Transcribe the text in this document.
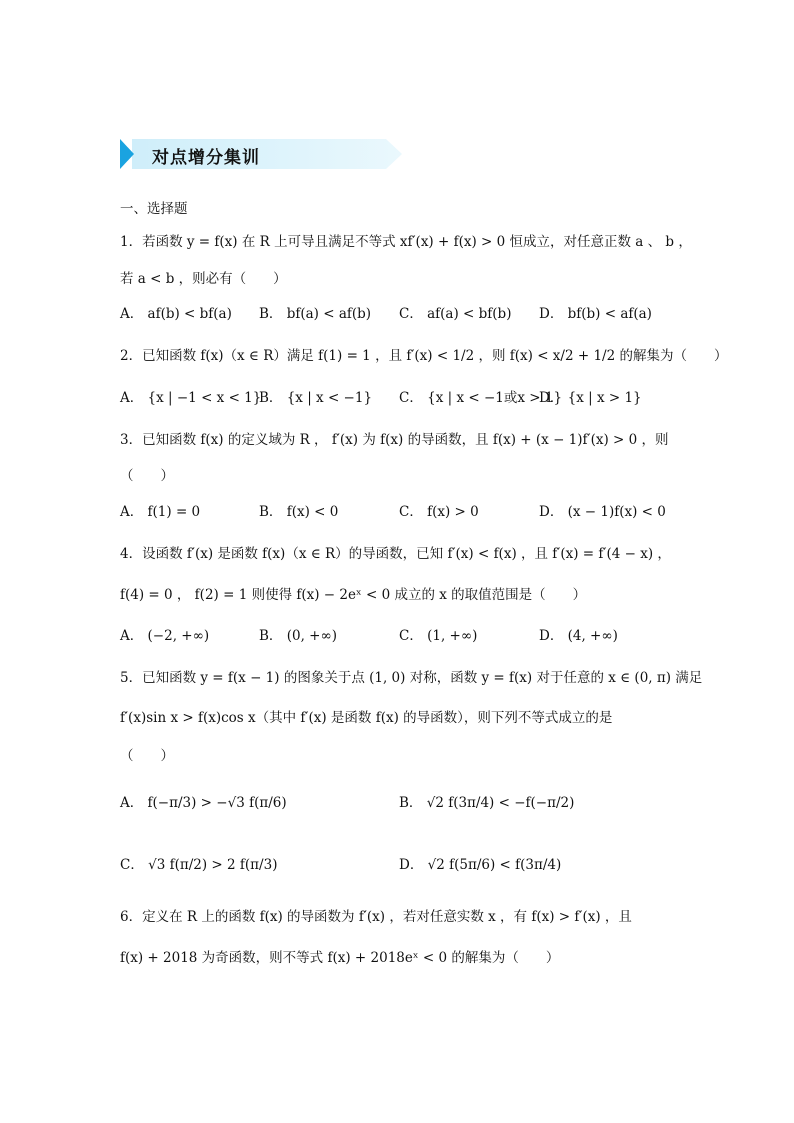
对点增分集训
一、选择题
1．若函数 y = f(x) 在 R 上可导且满足不等式 xf′(x) + f(x) > 0 恒成立，对任意正数 a 、 b ，
若 a < b ，则必有（　　）
A． af(b) < bf(a) B． bf(a) < af(b) C． af(a) < bf(b) D． bf(b) < af(a)
2．已知函数 f(x)（x ∈ R）满足 f(1) = 1 ，且 f′(x) < 1/2 ，则 f(x) < x/2 + 1/2 的解集为（　　）
A． {x | −1 < x < 1}
B． {x | x < −1} C． {x | x < −1或x > 1}
D． {x | x > 1}
3．已知函数 f(x) 的定义域为 R ， f′(x) 为 f(x) 的导函数，且 f(x) + (x − 1)f′(x) > 0 ，则
（　　）
A． f(1) = 0	B． f(x) < 0	C． f(x) > 0	D． (x − 1)f(x) < 0
4．设函数 f′(x) 是函数 f(x)（x ∈ R）的导函数，已知 f′(x) < f(x) ，且 f′(x) = f′(4 − x) ，
f(4) = 0 ， f(2) = 1 则使得 f(x) − 2eˣ < 0 成立的 x 的取值范围是（　　）
A． (−2, +∞)	B． (0, +∞)	C． (1, +∞)	D． (4, +∞)
5．已知函数 y = f(x − 1) 的图象关于点 (1, 0) 对称，函数 y = f(x) 对于任意的 x ∈ (0, π) 满足
f′(x)sin x > f(x)cos x（其中 f′(x) 是函数 f(x) 的导函数），则下列不等式成立的是
（　　）
A． f(−π/3) > −√3 f(π/6)	B． √2 f(3π/4) < −f(−π/2)
C． √3 f(π/2) > 2 f(π/3)	D． √2 f(5π/6) < f(3π/4)
6．定义在 R 上的函数 f(x) 的导函数为 f′(x) ，若对任意实数 x ，有 f(x) > f′(x) ，且
f(x) + 2018 为奇函数，则不等式 f(x) + 2018eˣ < 0 的解集为（　　）
